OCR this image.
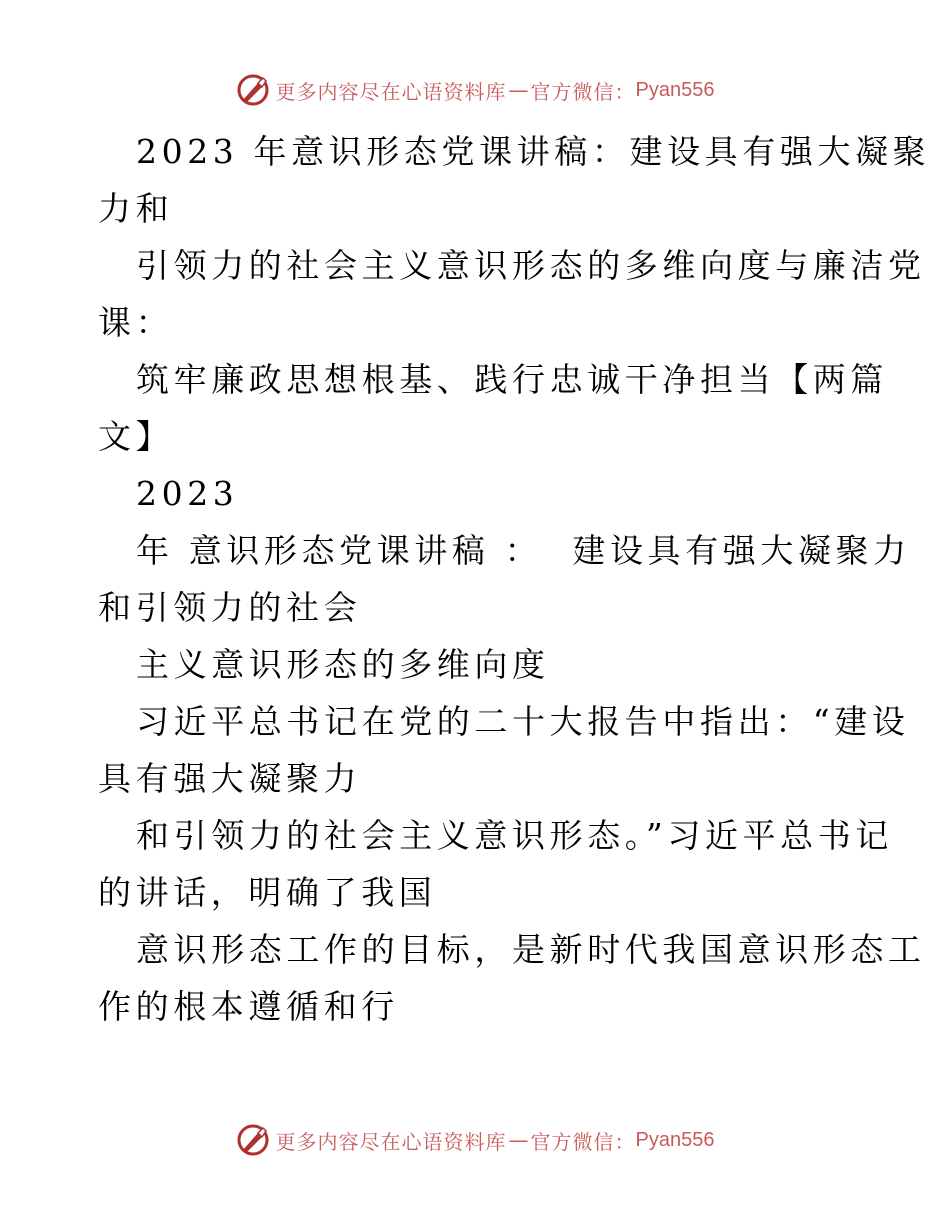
更多内容尽在心语资料库 — 官方微信： Pyan556
2023 年意识形态党课讲稿：建设具有强大凝聚
力和
引领力的社会主义意识形态的多维向度与廉洁党
课：
筑牢廉政思想根基、践行忠诚干净担当【两篇
文】
2023
年 意识形态党课讲稿 ：  建设具有强大凝聚力
和引领力的社会
主义意识形态的多维向度
习近平总书记在党的二十大报告中指出：“建设
具有强大凝聚力
和引领力的社会主义意识形态。”习近平总书记
的讲话，明确了我国
意识形态工作的目标，是新时代我国意识形态工
作的根本遵循和行
更多内容尽在心语资料库 — 官方微信： Pyan556
